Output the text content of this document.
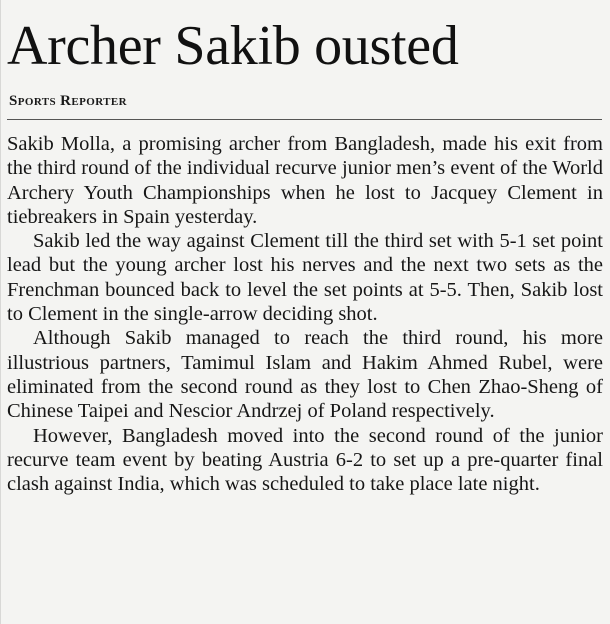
Archer Sakib ousted
Sports Reporter

Sakib Molla, a promising archer from Bangladesh, made his exit from the third round of the individual recurve junior men’s event of the World Archery Youth Championships when he lost to Jacquey Clement in tiebreakers in Spain yesterday.

Sakib led the way against Clement till the third set with 5-1 set point lead but the young archer lost his nerves and the next two sets as the Frenchman bounced back to level the set points at 5-5. Then, Sakib lost to Clement in the single-arrow deciding shot.

Although Sakib managed to reach the third round, his more illustrious partners, Tamimul Islam and Hakim Ahmed Rubel, were eliminated from the second round as they lost to Chen Zhao-Sheng of Chinese Taipei and Nescior Andrzej of Poland respectively.

However, Bangladesh moved into the second round of the junior recurve team event by beating Austria 6-2 to set up a pre-quarter final clash against India, which was scheduled to take place late night.
